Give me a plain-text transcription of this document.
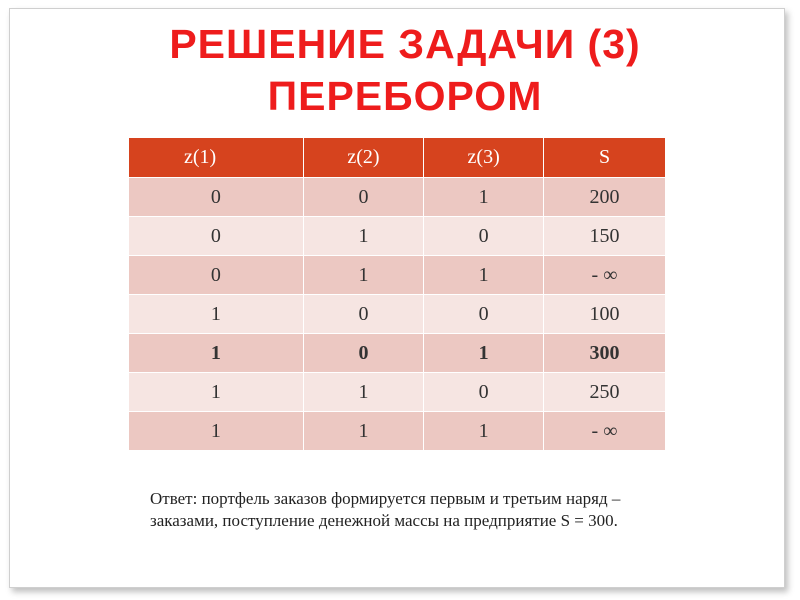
РЕШЕНИЕ ЗАДАЧИ (3)
ПЕРЕБОРОМ
z(1)	z(2)	z(3)	S
0	0	1	200
0	1	0	150
0	1	1	- ∞
1	0	0	100
1	0	1	300
1	1	0	250
1	1	1	- ∞

Ответ: портфель заказов формируется первым и третьим наряд – заказами, поступление денежной массы на предприятие S = 300.
